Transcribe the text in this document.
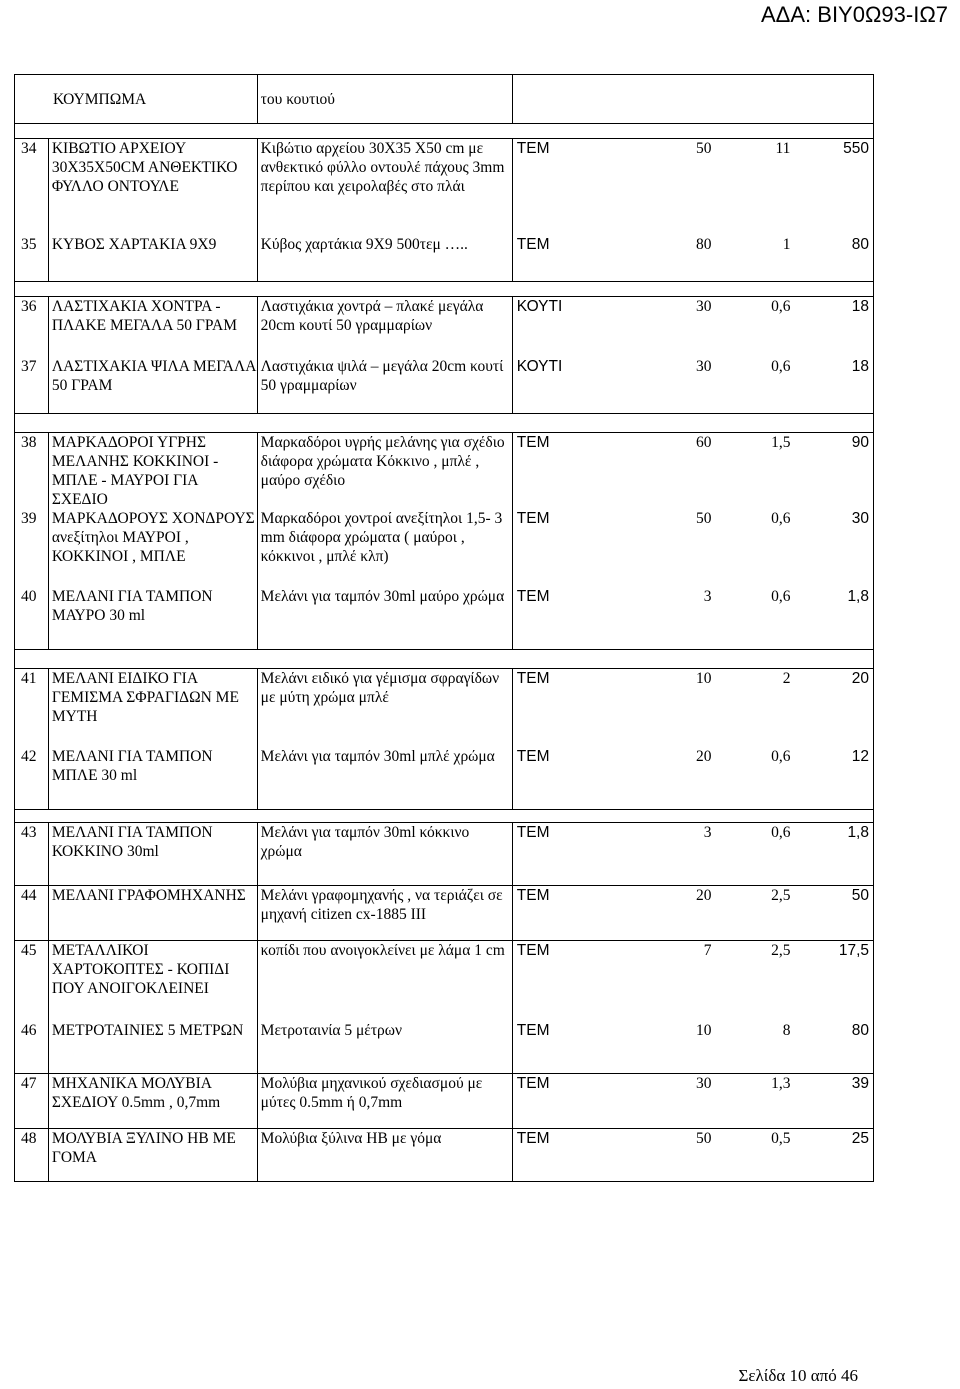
ΑΔΑ: ΒΙΥ0Ω93-ΙΩ7
ΚΟΥΜΠΩΜΑ		του κουτιού				

34	ΚΙΒΩΤΙΟ ΑΡΧΕΙΟΥ 30Χ35Χ50CΜ ΑΝΘΕΚΤΙΚΟ ΦΥΛΛΟ ΟΝΤΟΥΛΕ	Κιβώτιο αρχείου 30Χ35 Χ50 cm με ανθεκτικό φύλλο οντουλέ πάχους 3mm περίπου και χειρολαβές στο πλάι	ΤΕΜ	50	11	550

35	ΚΥΒΟΣ ΧΑΡΤΑΚΙΑ 9Χ9	Κύβος χαρτάκια 9Χ9 500τεμ …..	ΤΕΜ	80	1	80

36	ΛΑΣΤΙΧΑΚΙΑ ΧΟΝΤΡΑ - ΠΛΑΚΕ ΜΕΓΑΛΑ 50 ΓΡΑΜ	Λαστιχάκια χοντρά – πλακέ μεγάλα 20cm κουτί 50 γραμμαρίων	ΚΟΥΤΙ	30	0,6	18

37	ΛΑΣΤΙΧΑΚΙΑ ΨΙΛΑ ΜΕΓΑΛΑ 50 ΓΡΑΜ	Λαστιχάκια ψιλά – μεγάλα 20cm κουτί 50 γραμμαρίων	ΚΟΥΤΙ	30	0,6	18

38	ΜΑΡΚΑΔΟΡΟΙ ΥΓΡΗΣ ΜΕΛΑΝΗΣ ΚΟΚΚΙΝΟΙ - ΜΠΛΕ - ΜΑΥΡΟΙ ΓΙΑ ΣΧΕΔΙΟ	Μαρκαδόροι υγρής μελάνης για σχέδιο διάφορα χρώματα Κόκκινο , μπλέ , μαύρο σχέδιο	ΤΕΜ	60	1,5	90

39	ΜΑΡΚΑΔΟΡΟΥΣ ΧΟΝΔΡΟΥΣ ανεξίτηλοι ΜΑΥΡΟΙ , ΚΟΚΚΙΝΟΙ , ΜΠΛΕ	Μαρκαδόροι χοντροί ανεξίτηλοι 1,5- 3 mm διάφορα χρώματα ( μαύροι , κόκκινοι , μπλέ κλπ)	ΤΕΜ	50	0,6	30

40	ΜΕΛΑΝΙ ΓΙΑ ΤΑΜΠΟΝ ΜΑΥΡΟ 30 ml	Μελάνι για ταμπόν 30ml μαύρο χρώμα	ΤΕΜ	3	0,6	1,8

41	ΜΕΛΑΝΙ ΕΙΔΙΚΟ ΓΙΑ ΓΕΜΙΣΜΑ ΣΦΡΑΓΙΔΩΝ ΜΕ ΜΥΤΗ	Μελάνι ειδικό για γέμισμα σφραγίδων με μύτη χρώμα μπλέ	ΤΕΜ	10	2	20

42	ΜΕΛΑΝΙ ΓΙΑ ΤΑΜΠΟΝ ΜΠΛΕ 30 ml	Μελάνι για ταμπόν 30ml μπλέ χρώμα	ΤΕΜ	20	0,6	12

43	ΜΕΛΑΝΙ ΓΙΑ ΤΑΜΠΟΝ ΚΟΚΚΙΝΟ 30ml	Μελάνι για ταμπόν 30ml κόκκινο χρώμα	ΤΕΜ	3	0,6	1,8

44	ΜΕΛΑΝΙ ΓΡΑΦΟΜΗΧΑΝΗΣ	Μελάνι γραφομηχανής , να τεριάζει σε μηχανή citizen cx-1885 III	ΤΕΜ	20	2,5	50

45	ΜΕΤΑΛΛΙΚΟΙ ΧΑΡΤΟΚΟΠΤΕΣ - ΚΟΠΙΔΙ ΠΟΥ ΑΝΟΙΓΟΚΛΕΙΝΕΙ	κοπίδι που ανοιγοκλείνει με λάμα 1 cm	ΤΕΜ	7	2,5	17,5

46	ΜΕΤΡΟΤΑΙΝΙΕΣ 5 ΜΕΤΡΩΝ	Μετροταινία 5 μέτρων	ΤΕΜ	10	8	80

47	ΜΗΧΑΝΙΚΑ ΜΟΛΥΒΙΑ ΣΧΕΔΙΟΥ 0.5mm , 0,7mm	Μολύβια μηχανικού σχεδιασμού με μύτες 0.5mm ή 0,7mm	ΤΕΜ	30	1,3	39

48	ΜΟΛΥΒΙΑ ΞΥΛΙΝΟ ΗΒ ΜΕ ΓΟΜΑ	Μολύβια ξύλινα ΗΒ με γόμα	ΤΕΜ	50	0,5	25
Σελίδα 10 από 46
